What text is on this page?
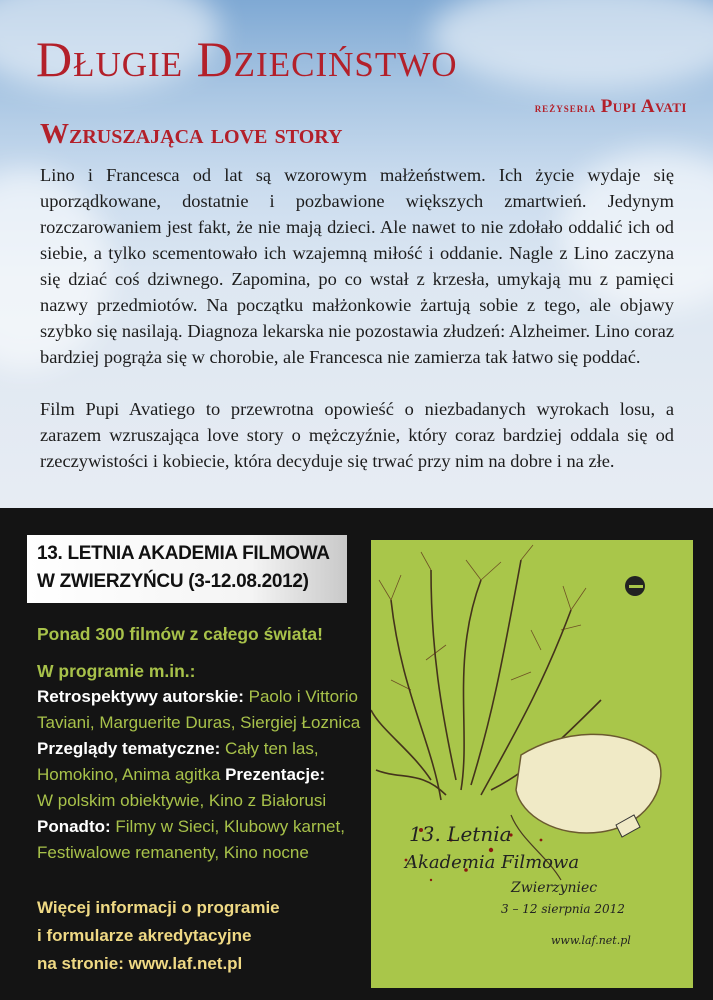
Długie Dzieciństwo
reżyseria Pupi Avati
Wzruszająca love story

Lino i Francesca od lat są wzorowym małżeństwem. Ich życie wydaje się uporządkowane, dostatnie i pozbawione większych zmartwień. Jedynym rozczarowaniem jest fakt, że nie mają dzieci. Ale nawet to nie zdołało oddalić ich od siebie, a tylko scementowało ich wzajemną miłość i oddanie. Nagle z Lino zaczyna się dziać coś dziwnego. Zapomina, po co wstał z krzesła, umykają mu z pamięci nazwy przedmiotów. Na początku małżonkowie żartują sobie z tego, ale objawy szybko się nasilają. Diagnoza lekarska nie pozostawia złudzeń: Alzheimer. Lino coraz bardziej pogrąża się w chorobie, ale Francesca nie zamierza tak łatwo się poddać.

Film Pupi Avatiego to przewrotna opowieść o niezbadanych wyrokach losu, a zarazem wzruszająca love story o mężczyźnie, który coraz bardziej oddala się od rzeczywistości i kobiecie, która decyduje się trwać przy nim na dobre i na złe.

13. LETNIA AKADEMIA FILMOWA
W ZWIERZYŃCU (3-12.08.2012)
Ponad 300 filmów z całego świata!
W programie m.in.:
Retrospektywy autorskie: Paolo i Vittorio
Taviani, Marguerite Duras, Siergiej Łoznica
Przeglądy tematyczne: Cały ten las,
Homokino, Anima agitka Prezentacje:
W polskim obiektywie, Kino z Białorusi
Ponadto: Filmy w Sieci, Klubowy karnet,
Festiwalowe remanenty, Kino nocne
Więcej informacji o programie
i formularze akredytacyjne
na stronie: www.laf.net.pl
13. Letnia
Akademia Filmowa
Zwierzyniec
3 – 12 sierpnia 2012
www.laf.net.pl
